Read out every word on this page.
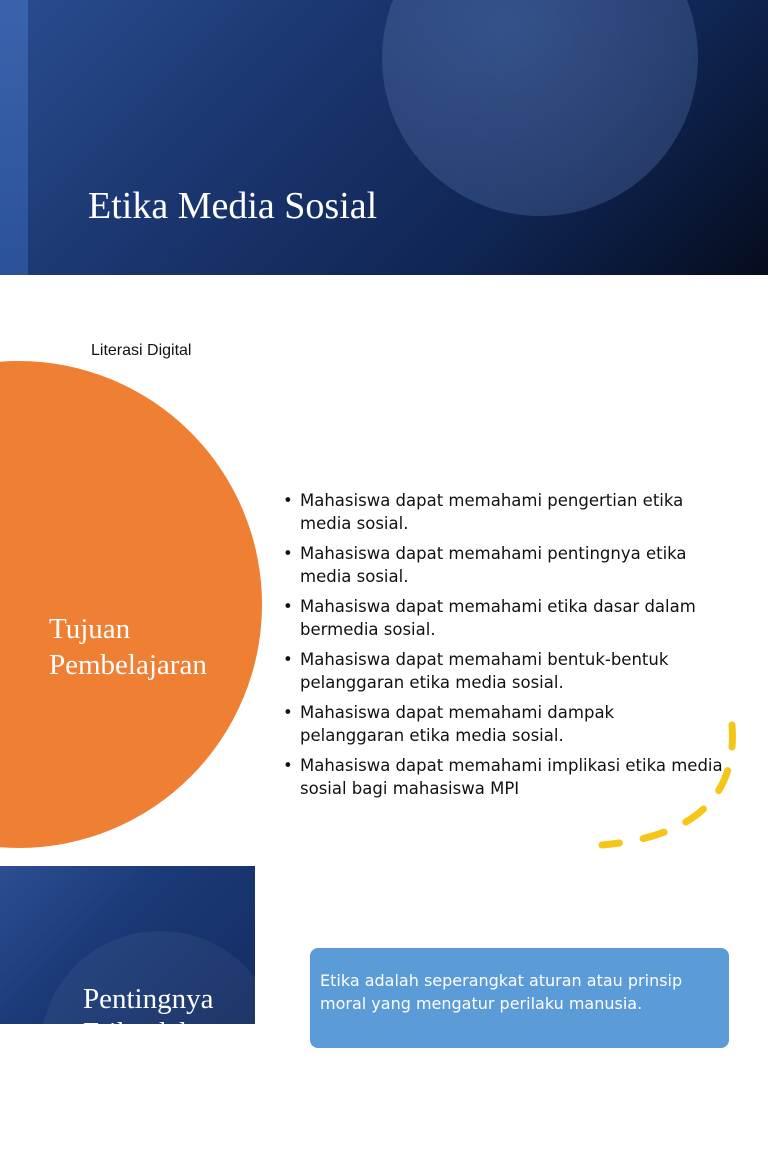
Etika Media Sosial
Literasi Digital
Tujuan
Pembelajaran
• Mahasiswa dapat memahami pengertian etika media sosial.
• Mahasiswa dapat memahami pentingnya etika media sosial.
• Mahasiswa dapat memahami etika dasar dalam bermedia sosial.
• Mahasiswa dapat memahami bentuk-bentuk pelanggaran etika media sosial.
• Mahasiswa dapat memahami dampak pelanggaran etika media sosial.
• Mahasiswa dapat memahami implikasi etika media sosial bagi mahasiswa MPI
Pentingnya
Etika dalam
Etika adalah seperangkat aturan atau prinsip moral yang mengatur perilaku manusia.
